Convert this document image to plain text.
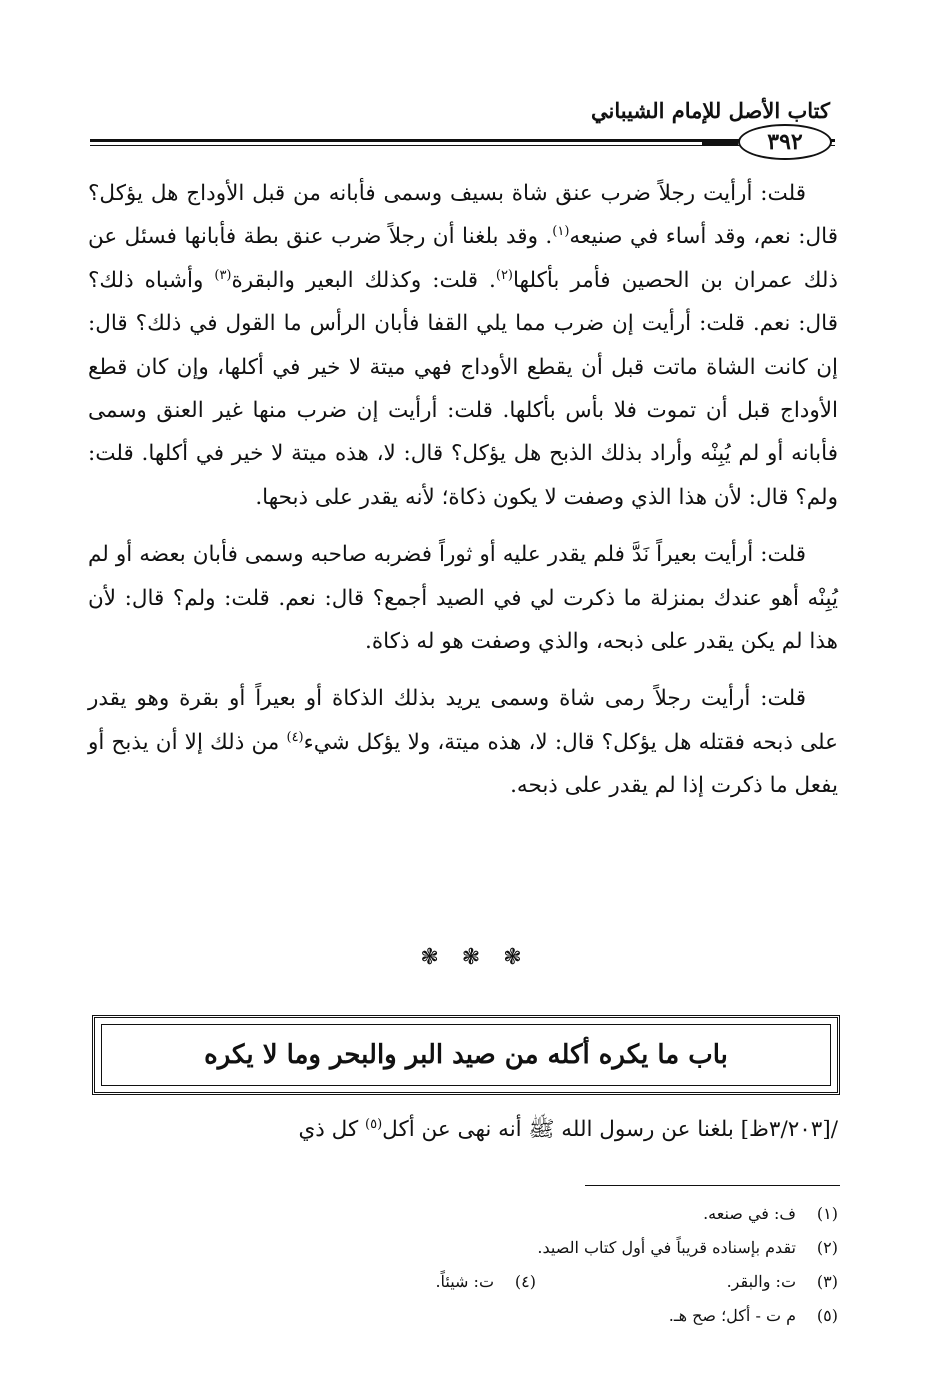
كتاب الأصل للإمام الشيباني
٣٩٢

قلت: أرأيت رجلاً ضرب عنق شاة بسيف وسمى فأبانه من قبل الأوداج هل يؤكل؟ قال: نعم، وقد أساء في صنيعه$^{(١)}$. وقد بلغنا أن رجلاً ضرب عنق بطة فأبانها فسئل عن ذلك عمران بن الحصين فأمر بأكلها$^{(٢)}$. قلت: وكذلك البعير والبقرة$^{(٣)}$ وأشباه ذلك؟ قال: نعم. قلت: أرأيت إن ضرب مما يلي القفا فأبان الرأس ما القول في ذلك؟ قال: إن كانت الشاة ماتت قبل أن يقطع الأوداج فهي ميتة لا خير في أكلها، وإن كان قطع الأوداج قبل أن تموت فلا بأس بأكلها. قلت: أرأيت إن ضرب منها غير العنق وسمى فأبانه أو لم يُبِنْه وأراد بذلك الذبح هل يؤكل؟ قال: لا، هذه ميتة لا خير في أكلها. قلت: ولم؟ قال: لأن هذا الذي وصفت لا يكون ذكاة؛ لأنه يقدر على ذبحها.

قلت: أرأيت بعيراً نَدَّ فلم يقدر عليه أو ثوراً فضربه صاحبه وسمى فأبان بعضه أو لم يُبِنْه أهو عندك بمنزلة ما ذكرت لي في الصيد أجمع؟ قال: نعم. قلت: ولم؟ قال: لأن هذا لم يكن يقدر على ذبحه، والذي وصفت هو له ذكاة.

قلت: أرأيت رجلاً رمى شاة وسمى يريد بذلك الذكاة أو بعيراً أو بقرة وهو يقدر على ذبحه فقتله هل يؤكل؟ قال: لا، هذه ميتة، ولا يؤكل شيء$^{(٤)}$ من ذلك إلا أن يذبح أو يفعل ما ذكرت إذا لم يقدر على ذبحه.

❃ ❃ ❃
باب ما يكره أكله من صيد البر والبحر وما لا يكره
/[٣/٢٠٣ظ] بلغنا عن رسول الله ﷺ أنه نهى عن أكل$^{(٥)}$ كل ذي
(١)
ف: في صنعه.
(٢)
تقدم بإسناده قريباً في أول كتاب الصيد.
(٣)
ت: والبقر.
(٤)
ت: شيئاً.
(٥)
م ت - أكل؛ صح هـ.
